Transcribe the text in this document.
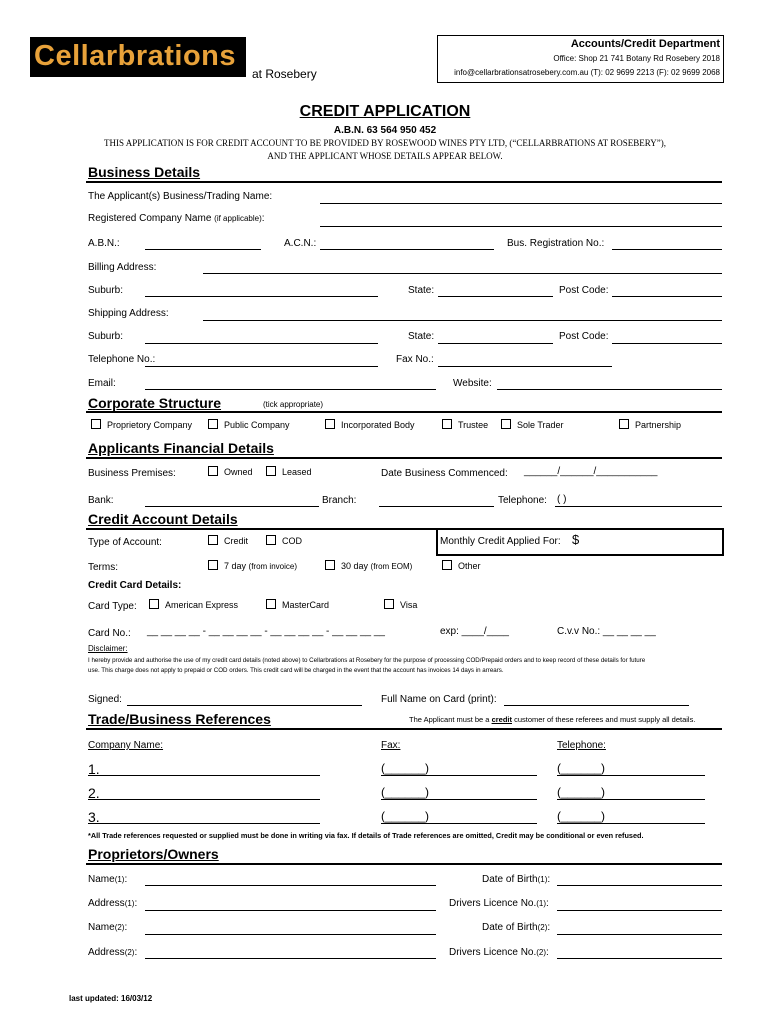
Cellarbrations
at Rosebery
Accounts/Credit Department
Office: Shop 21 741 Botany Rd Rosebery 2018
info@cellarbrationsatrosebery.com.au (T): 02 9699 2213 (F): 02 9699 2068
CREDIT APPLICATION
A.B.N. 63 564 950 452
THIS APPLICATION IS FOR CREDIT ACCOUNT TO BE PROVIDED BY ROSEWOOD WINES PTY LTD, (“CELLARBRATIONS AT ROSEBERY”),
AND THE APPLICANT WHOSE DETAILS APPEAR BELOW.
Business Details
The Applicant(s) Business/Trading Name:
Registered Company Name (if applicable):
A.B.N.:	A.C.N.:	Bus. Registration No.:
Billing Address:
Suburb:	State:	Post Code:
Shipping Address:
Suburb:	State:	Post Code:
Telephone No.:	Fax No.:
Email:	Website:
Corporate Structure	(tick appropriate)
Proprietory Company	Public Company	Incorporated Body	Trustee	Sole Trader	Partnership
Applicants Financial Details
Business Premises:	Owned	Leased	Date Business Commenced: ______/______/___________
Bank:	Branch:	Telephone: ( )
Credit Account Details
Type of Account:	Credit	COD	Monthly Credit Applied For: $
Terms:	7 day (from invoice)	30 day (from EOM)	Other
Credit Card Details:
Card Type:	American Express	MasterCard	Visa
Card No.: __ __ __ __ - __ __ __ __ - __ __ __ __ - __ __ __ __	exp: ____/____	C.v.v No.: __ __ __ __
Disclaimer:
I hereby provide and authorise the use of my credit card details (noted above) to Cellarbrations at Rosebery for the purpose of processing COD/Prepaid orders and to keep record of these details for future
use. This charge does not apply to prepaid or COD orders. This credit card will be charged in the event that the account has invoices 14 days in arrears.
Signed:	Full Name on Card (print):
Trade/Business References	The Applicant must be a credit customer of these referees and must supply all details.
Company Name:	Fax:	Telephone:
1.	(______)	(______)
2.	(______)	(______)
3.	(______)	(______)
*All Trade references requested or supplied must be done in writing via fax. If details of Trade references are omitted, Credit may be conditional or even refused.
Proprietors/Owners
Name(1):	Date of Birth(1):
Address(1):	Drivers Licence No.(1):
Name(2):	Date of Birth(2):
Address(2):	Drivers Licence No.(2):
last updated: 16/03/12
